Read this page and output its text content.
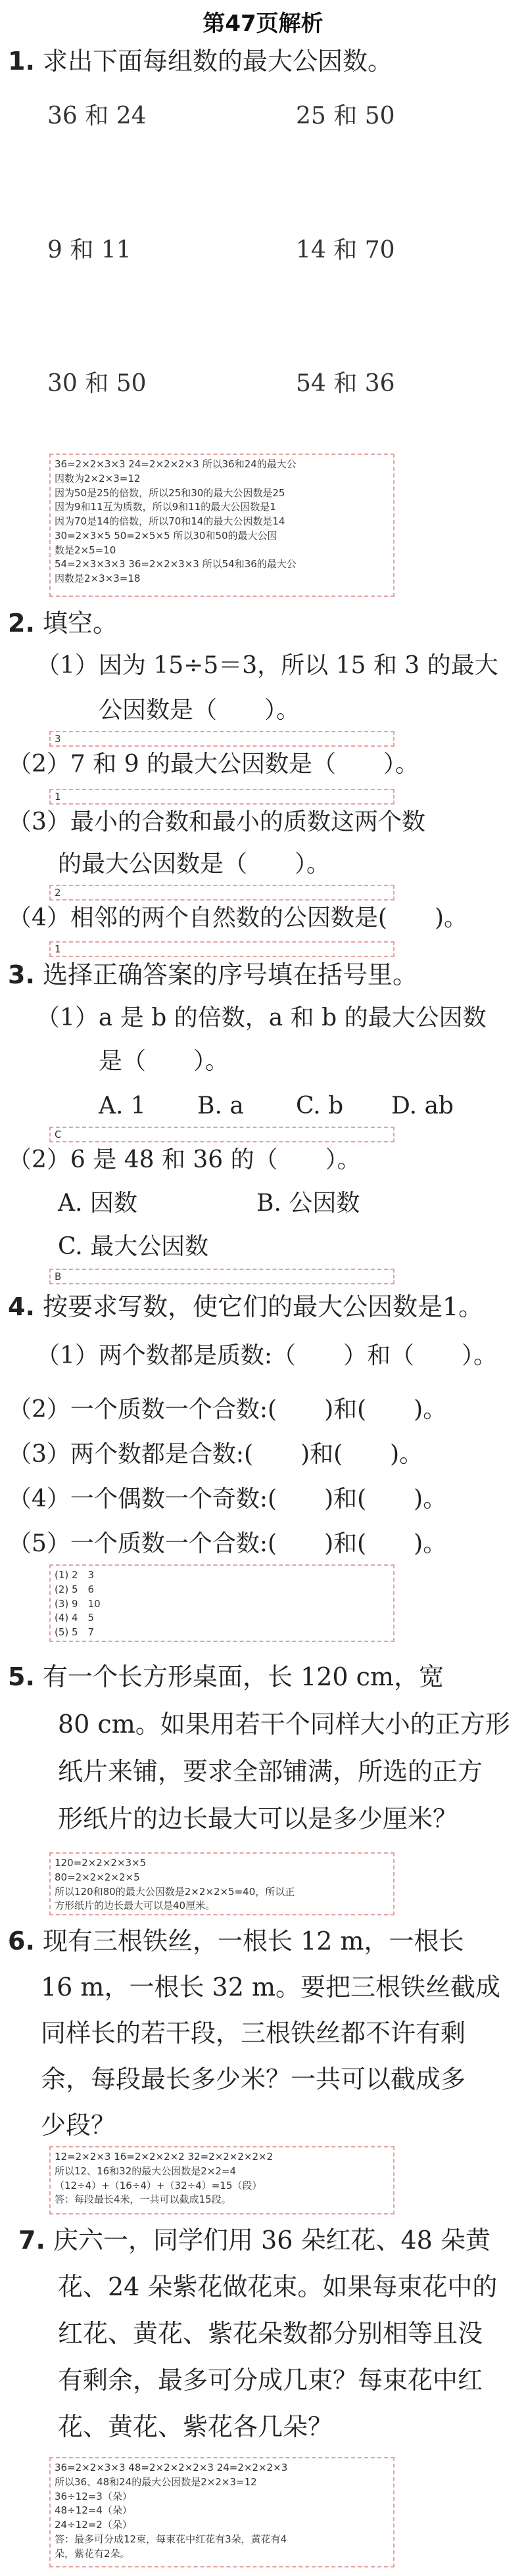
第47页解析
1. 求出下面每组数的最大公因数。
36 和 24	25 和 50
9 和 11	14 和 70
30 和 50	54 和 36
36=2×2×3×3 24=2×2×2×3 所以36和24的最大公
因数为2×2×3=12
因为50是25的倍数，所以25和30的最大公因数是25
因为9和11互为质数，所以9和11的最大公因数是1
因为70是14的倍数，所以70和14的最大公因数是14
30=2×3×5 50=2×5×5 所以30和50的最大公因
数是2×5=10
54=2×3×3×3 36=2×2×3×3 所以54和36的最大公
因数是2×3×3=18
2. 填空。
（1）因为 15÷5＝3，所以 15 和 3 的最大
公因数是（　　）。
3
（2）7 和 9 的最大公因数是（　　）。
1
（3）最小的合数和最小的质数这两个数
的最大公因数是（　　）。
2
（4）相邻的两个自然数的公因数是(　　)。
1
3. 选择正确答案的序号填在括号里。
（1）a 是 b 的倍数，a 和 b 的最大公因数
是（　　）。
A. 1 B. a C. b D. ab
C
（2）6 是 48 和 36 的（　　）。
A. 因数	B. 公因数
C. 最大公因数
B
4. 按要求写数，使它们的最大公因数是1。
（1）两个数都是质数:（　　）和（　　）。
（2）一个质数一个合数:(　　)和(　　)。
（3）两个数都是合数:(　　)和(　　)。
（4）一个偶数一个奇数:(　　)和(　　)。
（5）一个质数一个合数:(　　)和(　　)。
(1) 2　3
(2) 5　6
(3) 9　10
(4) 4　5
(5) 5　7
5. 有一个长方形桌面，长 120 cm，宽
80 cm。如果用若干个同样大小的正方形
纸片来铺，要求全部铺满，所选的正方
形纸片的边长最大可以是多少厘米？
120=2×2×2×3×5
80=2×2×2×2×5
所以120和80的最大公因数是2×2×2×5=40，所以正
方形纸片的边长最大可以是40厘米。
6. 现有三根铁丝，一根长 12 m，一根长
16 m，一根长 32 m。要把三根铁丝截成
同样长的若干段，三根铁丝都不许有剩
余，每段最长多少米？一共可以截成多
少段？
12=2×2×3 16=2×2×2×2 32=2×2×2×2×2
所以12、16和32的最大公因数是2×2=4
（12÷4）+（16÷4）+（32÷4）=15（段）
答：每段最长4米，一共可以截成15段。
7. 庆六一，同学们用 36 朵红花、48 朵黄
花、24 朵紫花做花束。如果每束花中的
红花、黄花、紫花朵数都分别相等且没
有剩余，最多可分成几束？每束花中红
花、黄花、紫花各几朵？
36=2×2×3×3 48=2×2×2×2×3 24=2×2×2×3
所以36、48和24的最大公因数是2×2×3=12
36÷12=3（朵）
48÷12=4（朵）
24÷12=2（朵）
答：最多可分成12束，每束花中红花有3朵，黄花有4
朵，紫花有2朵。
